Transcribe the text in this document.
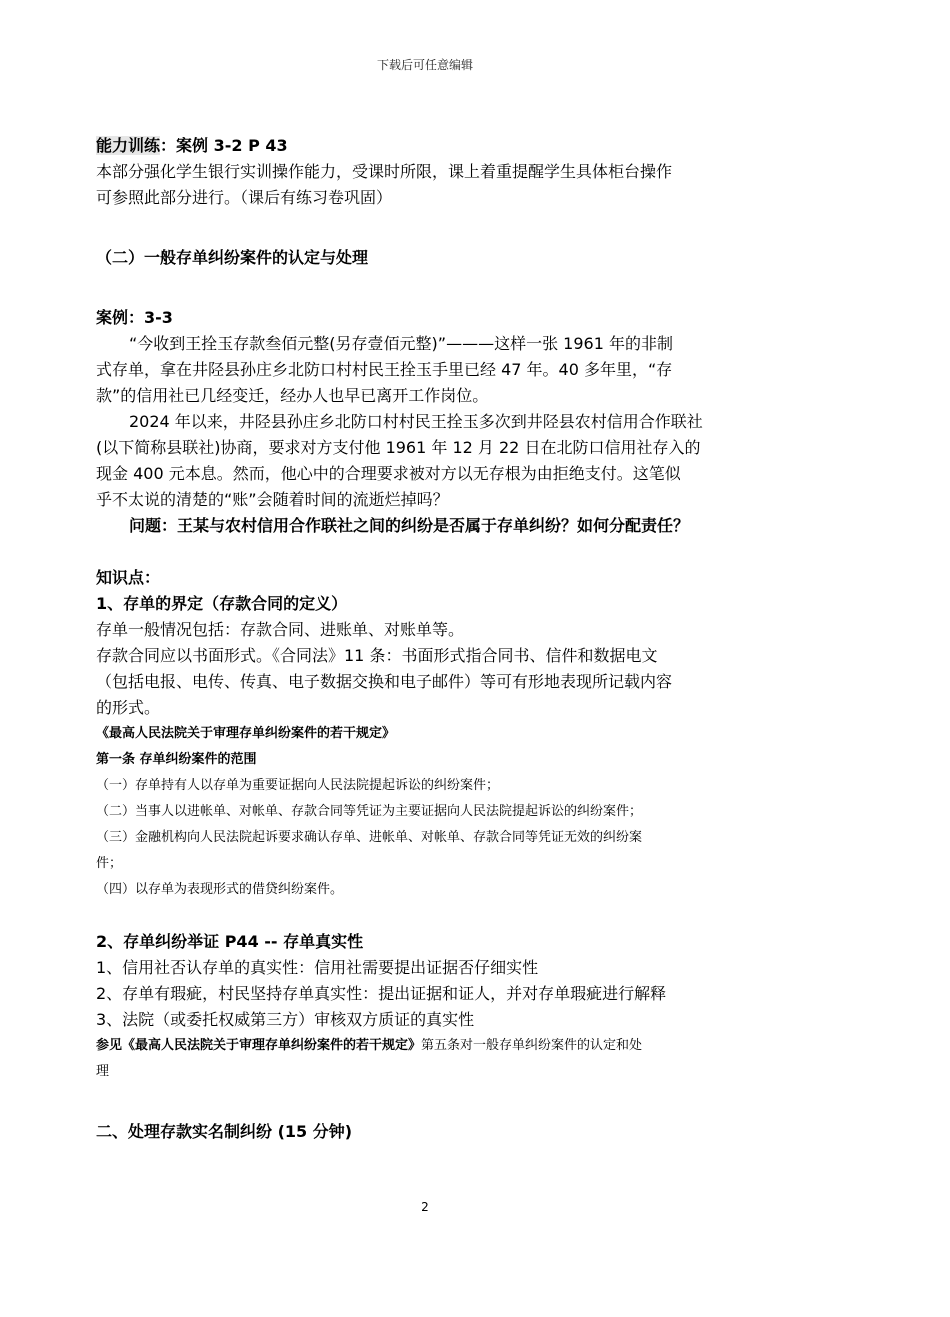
下载后可任意编辑
能力训练：案例 3-2 P 43
本部分强化学生银行实训操作能力，受课时所限，课上着重提醒学生具体柜台操作
可参照此部分进行。（课后有练习卷巩固）
（二）一般存单纠纷案件的认定与处理
案例：3-3
“今收到王拴玉存款叁佰元整(另存壹佰元整)”———这样一张 1961 年的非制
式存单，拿在井陉县孙庄乡北防口村村民王拴玉手里已经 47 年。40 多年里，“存
款”的信用社已几经变迁，经办人也早已离开工作岗位。
2024 年以来，井陉县孙庄乡北防口村村民王拴玉多次到井陉县农村信用合作联社
(以下简称县联社)协商，要求对方支付他 1961 年 12 月 22 日在北防口信用社存入的
现金 400 元本息。然而，他心中的合理要求被对方以无存根为由拒绝支付。这笔似
乎不太说的清楚的“账”会随着时间的流逝烂掉吗？
问题：王某与农村信用合作联社之间的纠纷是否属于存单纠纷？如何分配责任？
知识点：
1、存单的界定（存款合同的定义）
存单一般情况包括：存款合同、进账单、对账单等。
存款合同应以书面形式。《合同法》11 条：书面形式指合同书、信件和数据电文
（包括电报、电传、传真、电子数据交换和电子邮件）等可有形地表现所记载内容
的形式。
《最高人民法院关于审理存单纠纷案件的若干规定》
第一条 存单纠纷案件的范围
（一）存单持有人以存单为重要证据向人民法院提起诉讼的纠纷案件；
（二）当事人以进帐单、对帐单、存款合同等凭证为主要证据向人民法院提起诉讼的纠纷案件；
（三）金融机构向人民法院起诉要求确认存单、进帐单、对帐单、存款合同等凭证无效的纠纷案
件；
（四）以存单为表现形式的借贷纠纷案件。
2、存单纠纷举证 P44 -- 存单真实性
1、信用社否认存单的真实性：信用社需要提出证据否仔细实性
2、存单有瑕疵，村民坚持存单真实性：提出证据和证人，并对存单瑕疵进行解释
3、法院（或委托权威第三方）审核双方质证的真实性
参见《最高人民法院关于审理存单纠纷案件的若干规定》第五条对一般存单纠纷案件的认定和处
理
二、处理存款实名制纠纷 (15 分钟)
2
